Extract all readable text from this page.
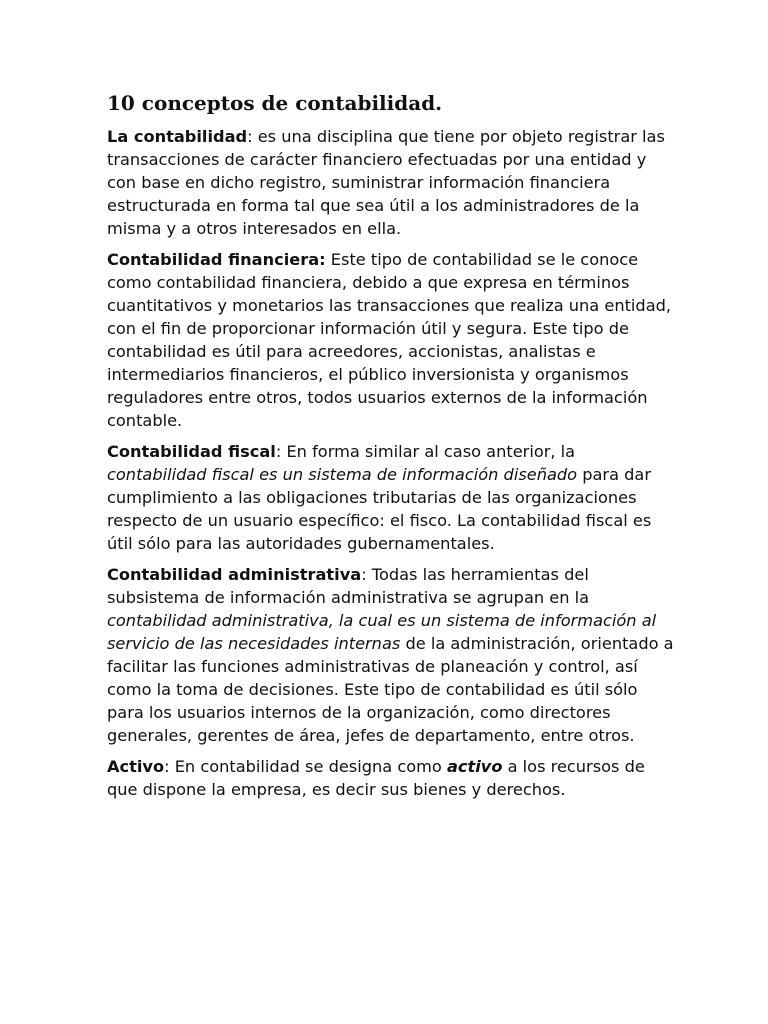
10 conceptos de contabilidad.

La contabilidad: es una disciplina que tiene por objeto registrar las transacciones de carácter financiero efectuadas por una entidad y con base en dicho registro, suministrar información financiera estructurada en forma tal que sea útil a los administradores de la misma y a otros interesados en ella.

Contabilidad financiera: Este tipo de contabilidad se le conoce como contabilidad financiera, debido a que expresa en términos cuantitativos y monetarios las transacciones que realiza una entidad, con el fin de proporcionar información útil y segura. Este tipo de contabilidad es útil para acreedores, accionistas, analistas e intermediarios financieros, el público inversionista y organismos reguladores entre otros, todos usuarios externos de la información contable.

Contabilidad fiscal: En forma similar al caso anterior, la contabilidad fiscal es un sistema de información diseñado para dar cumplimiento a las obligaciones tributarias de las organizaciones respecto de un usuario específico: el fisco. La contabilidad fiscal es útil sólo para las autoridades gubernamentales.

Contabilidad administrativa: Todas las herramientas del subsistema de información administrativa se agrupan en la contabilidad administrativa, la cual es un sistema de información al servicio de las necesidades internas de la administración, orientado a facilitar las funciones administrativas de planeación y control, así como la toma de decisiones. Este tipo de contabilidad es útil sólo para los usuarios internos de la organización, como directores generales, gerentes de área, jefes de departamento, entre otros.

Activo: En contabilidad se designa como activo a los recursos de que dispone la empresa, es decir sus bienes y derechos.
